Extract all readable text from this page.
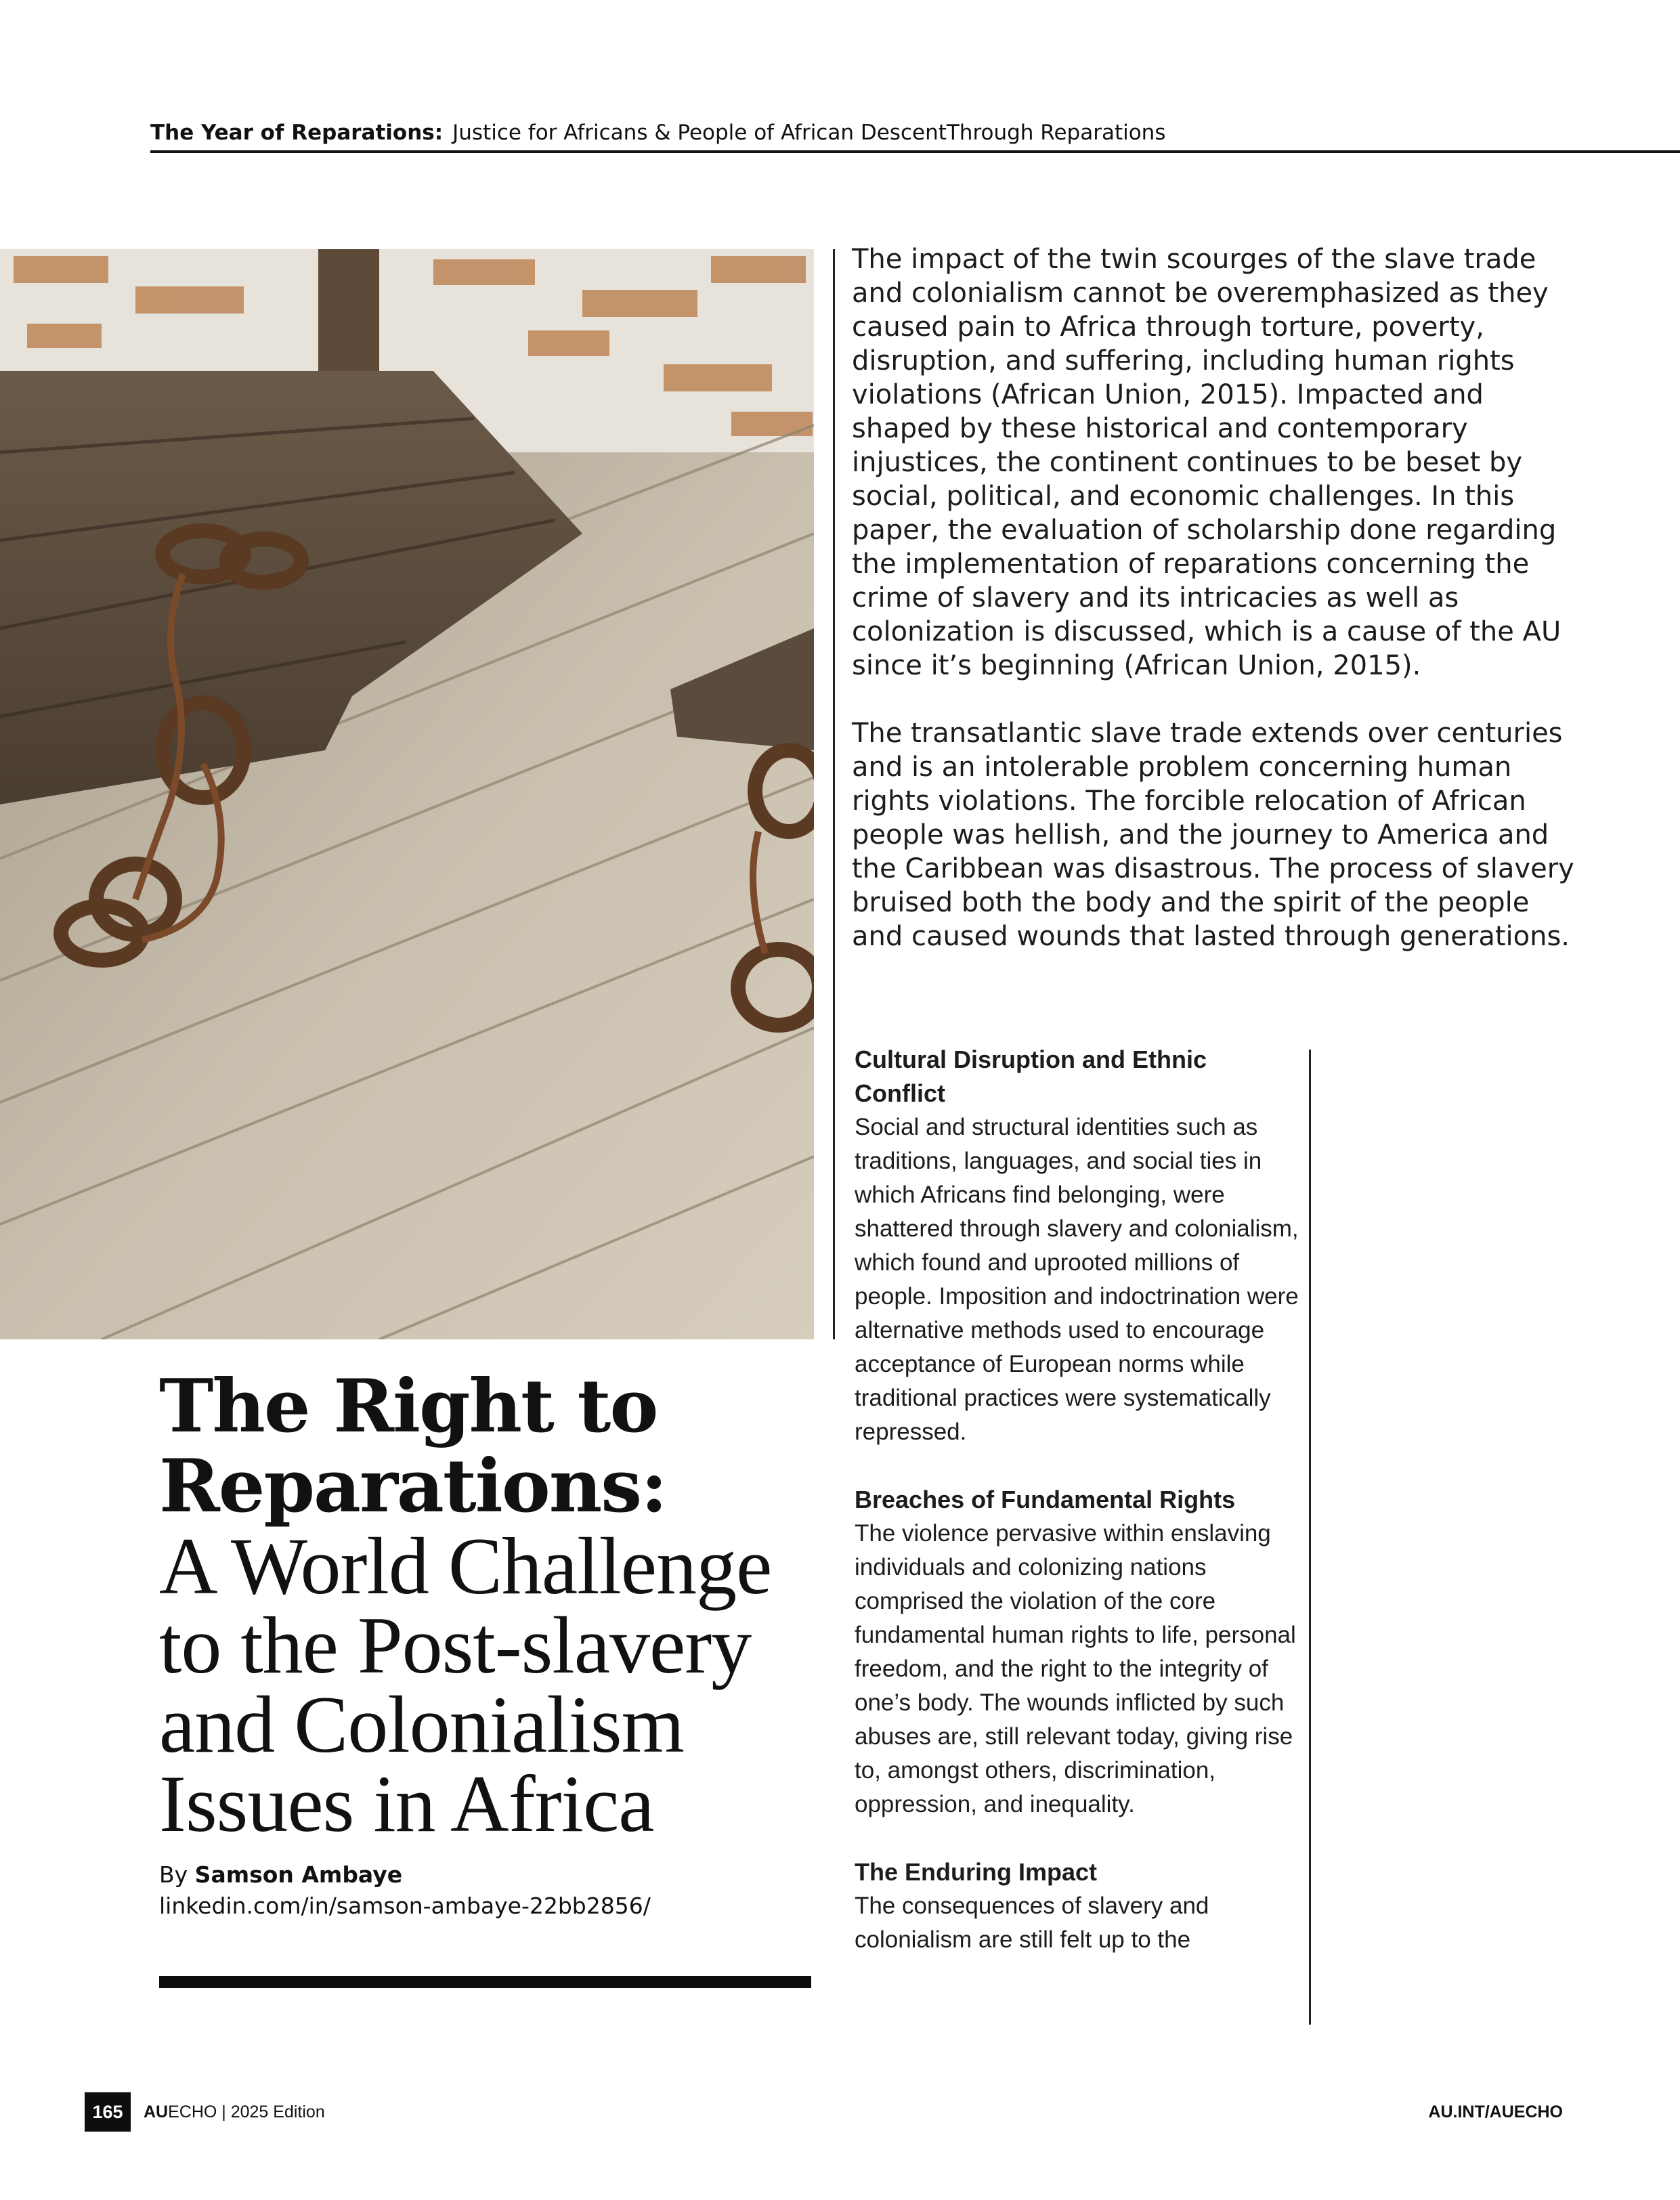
The Year of Reparations: Justice for Africans & People of African DescentThrough Reparations

The impact of the twin scourges of the slave trade and colonialism cannot be overemphasized as they caused pain to Africa through torture, poverty, disruption, and suffering, including human rights violations (African Union, 2015). Impacted and shaped by these historical and contemporary injustices, the continent continues to be beset by social, political, and economic challenges. In this paper, the evaluation of scholarship done regarding the implementation of reparations concerning the crime of slavery and its intricacies as well as colonization is discussed, which is a cause of the AU since it’s beginning (African Union, 2015).

The transatlantic slave trade extends over centuries and is an intolerable problem concerning human rights violations. The forcible relocation of African people was hellish, and the journey to America and the Caribbean was disastrous. The process of slavery bruised both the body and the spirit of the people and caused wounds that lasted through generations.

Cultural Disruption and Ethnic Conflict

Social and structural identities such as traditions, languages, and social ties in which Africans find belonging, were shattered through slavery and colonialism, which found and uprooted millions of people. Imposition and indoctrination were alternative methods used to encourage acceptance of European norms while traditional practices were systematically repressed.

Breaches of Fundamental Rights

The violence pervasive within enslaving individuals and colonizing nations comprised the violation of the core fundamental human rights to life, personal freedom, and the right to the integrity of one’s body. The wounds inflicted by such abuses are, still relevant today, giving rise to, amongst others, discrimination, oppression, and inequality.

The Enduring Impact

The consequences of slavery and colonialism are still felt up to the

The Right to
Reparations:
A World Challenge
to the Post-slavery
and Colonialism
Issues in Africa
By Samson Ambaye
linkedin.com/in/samson-ambaye-22bb2856/
165	AUECHO | 2025 Edition	AU.INT/AUECHO
